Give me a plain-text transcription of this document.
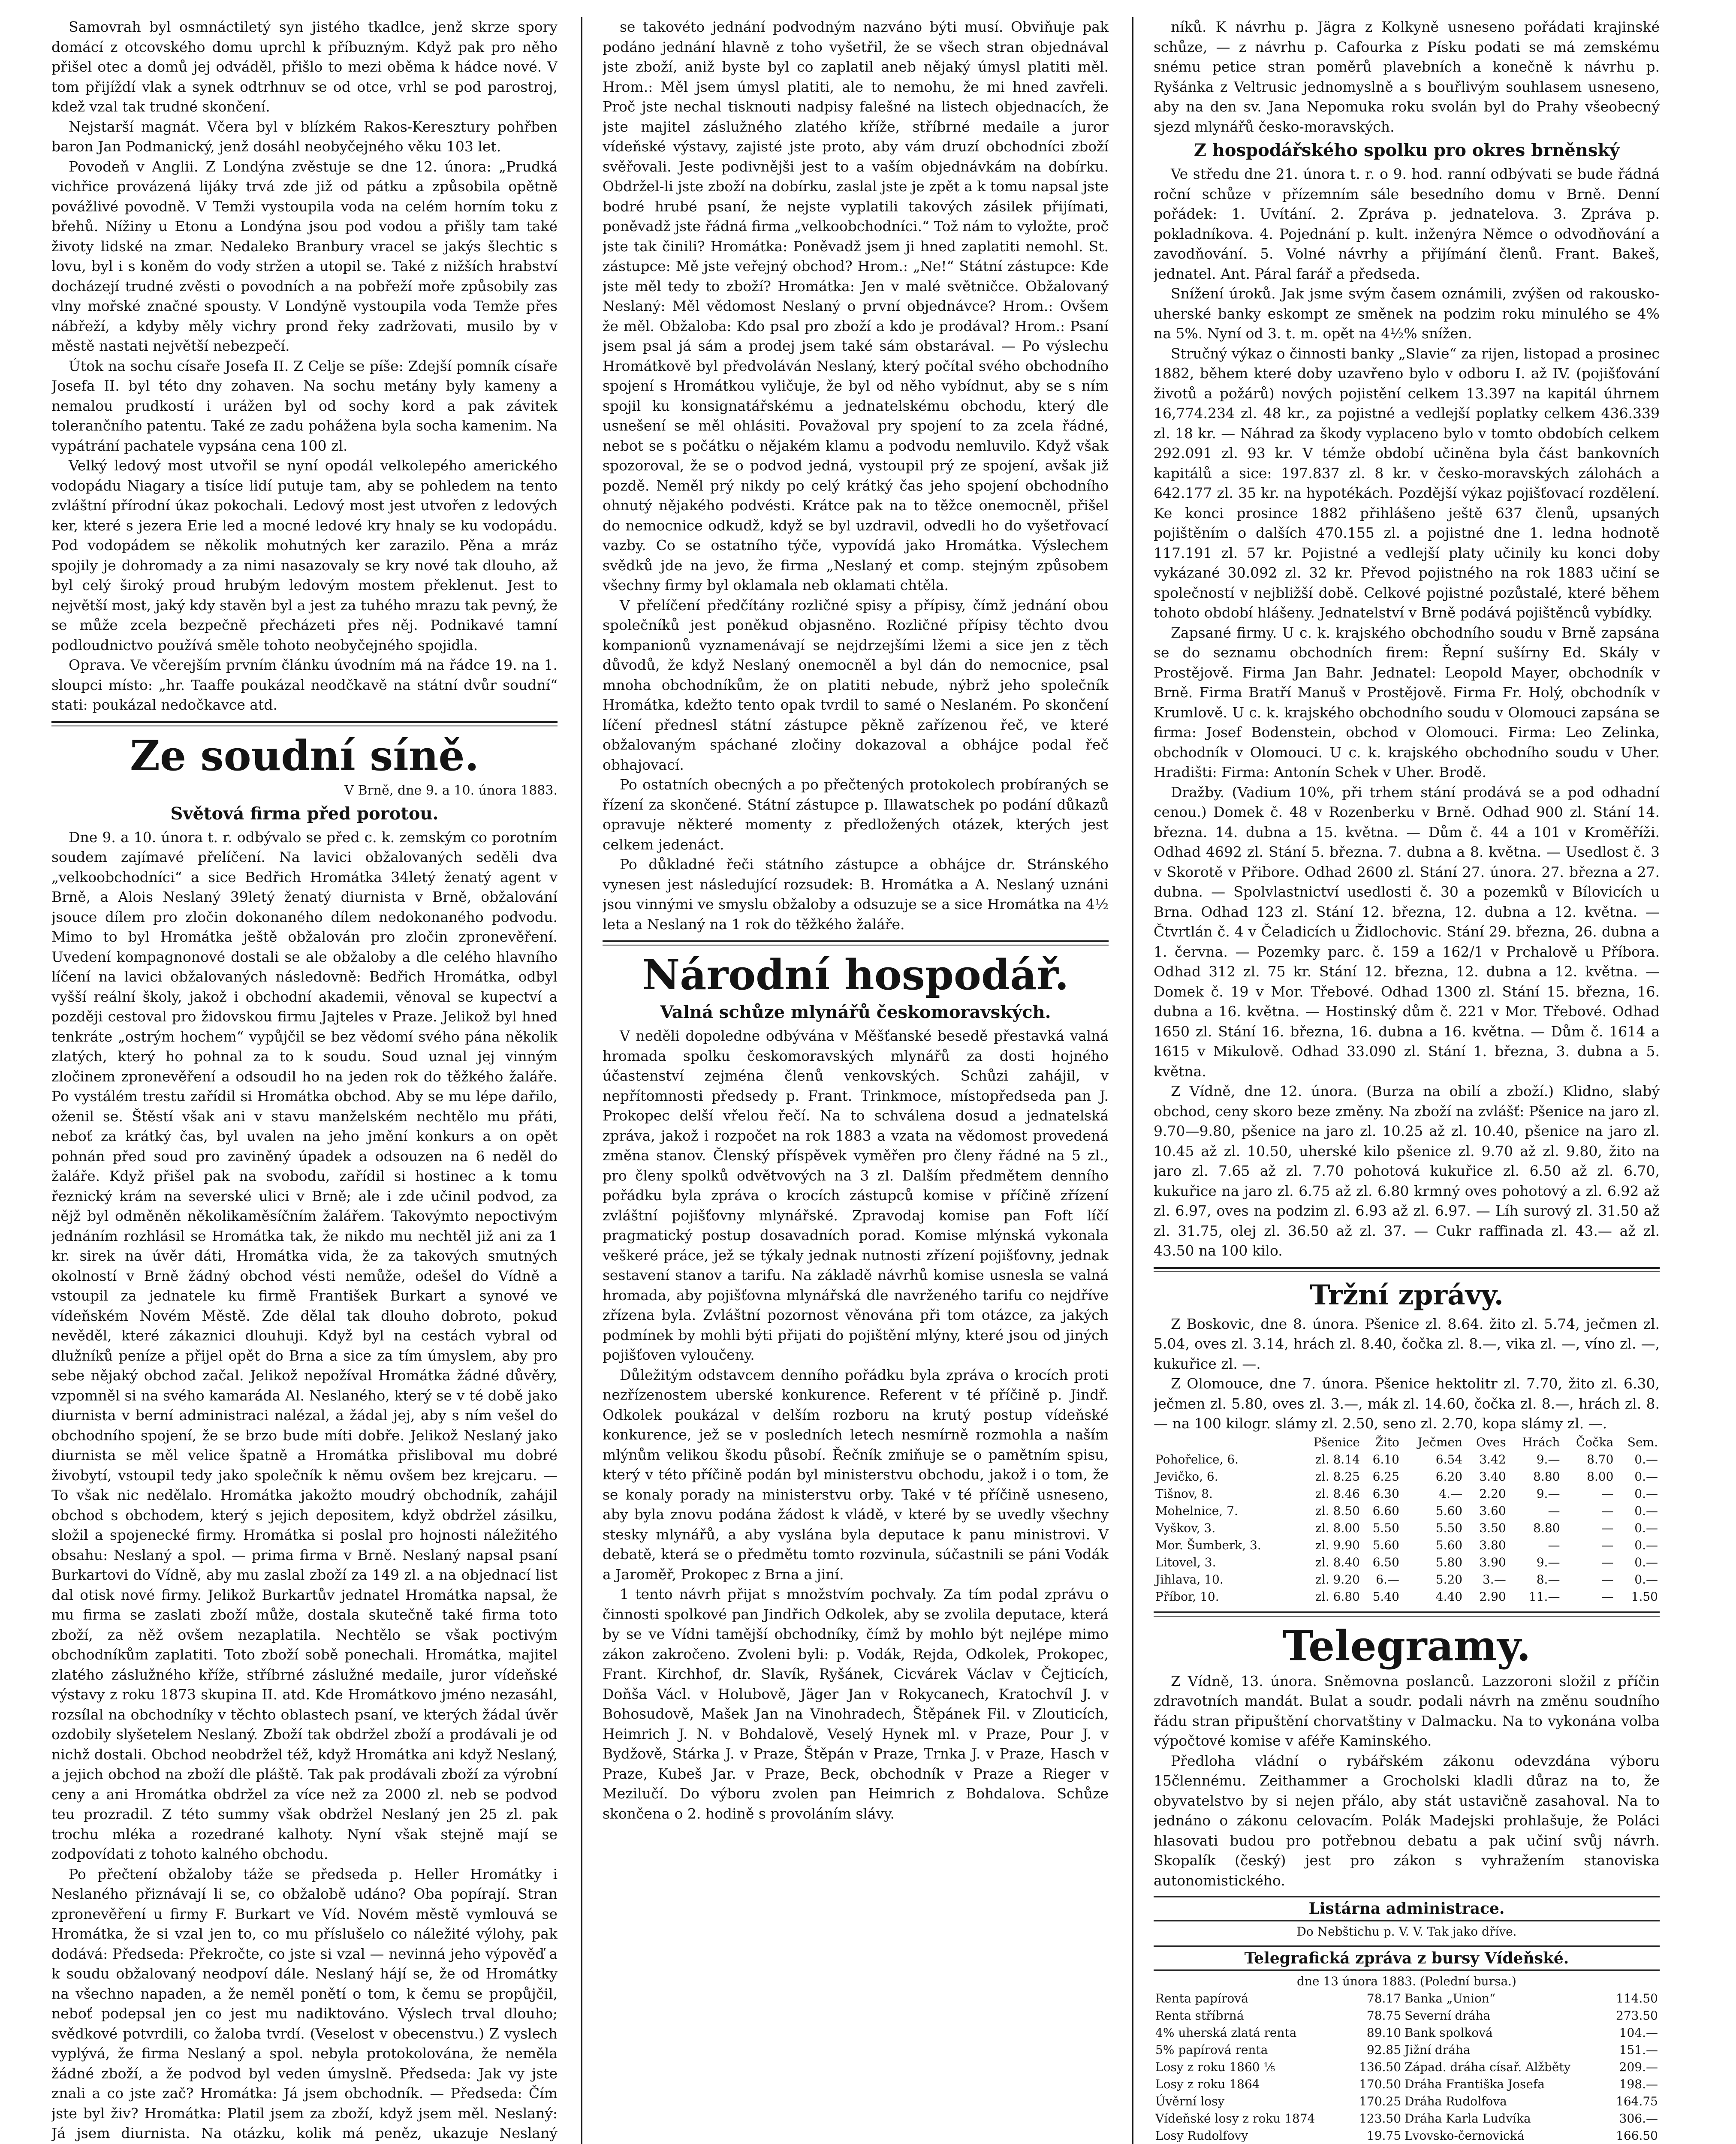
Samovrah byl osmnáctiletý syn jistého tkadlce, jenž skrze spory domácí z otcovského domu uprchl k příbuzným. Když pak pro něho přišel otec a domů jej odváděl, přišlo to mezi oběma k hádce nové. V tom přijíždí vlak a synek odtrhnuv se od otce, vrhl se pod parostroj, kdež vzal tak trudné skončení.

Nejstarší magnát. Včera byl v blízkém Rakos-Keresztury pohřben baron Jan Podmanický, jenž dosáhl neobyčejného věku 103 let.

Povodeň v Anglii. Z Londýna zvěstuje se dne 12. února: „Prudká vichřice provázená lijáky trvá zde již od pátku a způsobila opětně povážlivé povodně. V Temži vystoupila voda na celém horním toku z břehů. Nížiny u Etonu a Londýna jsou pod vodou a přišly tam také životy lidské na zmar. Nedaleko Branbury vracel se jakýs šlechtic s lovu, byl i s koněm do vody stržen a utopil se. Také z nižších hrabství docházejí trudné zvěsti o povodních a na pobřeží moře způsobily zas vlny mořské značné spousty. V Londýně vystoupila voda Temže přes nábřeží, a kdyby měly vichry prond řeky zadržovati, musilo by v městě nastati největší nebezpečí.

Útok na sochu císaře Josefa II. Z Celje se píše: Zdejší pomník císaře Josefa II. byl této dny zohaven. Na sochu metány byly kameny a nemalou prudkostí i urážen byl od sochy kord a pak závitek tolerančního patentu. Také ze zadu pohážena byla socha kamenim. Na vypátrání pachatele vypsána cena 100 zl.

Velký ledový most utvořil se nyní opodál velkolepého amerického vodopádu Niagary a tisíce lidí putuje tam, aby se pohledem na tento zvláštní přírodní úkaz pokochali. Ledový most jest utvořen z ledových ker, které s jezera Erie led a mocné ledové kry hnaly se ku vodopádu. Pod vodopádem se několik mohutných ker zarazilo. Pěna a mráz spojily je dohromady a za nimi nasazovaly se kry nové tak dlouho, až byl celý široký proud hrubým ledovým mostem překlenut. Jest to největší most, jaký kdy stavěn byl a jest za tuhého mrazu tak pevný, že se může zcela bezpečně přecházeti přes něj. Podnikavé tamní podloudnictvo používá směle tohoto neobyčejného spojidla.

Oprava. Ve včerejším prvním článku úvodním má na řádce 19. na 1. sloupci místo: „hr. Taaffe poukázal neodčkavě na státní dvůr soudní“ stati: poukázal nedočkavce atd.

Ze soudní síně.
V Brně, dne 9. a 10. února 1883.
Světová firma před porotou.

Dne 9. a 10. února t. r. odbývalo se před c. k. zemským co porotním soudem zajímavé přelíčení. Na lavici obžalovaných seděli dva „velkoobchodníci“ a sice Bedřich Hromátka 34letý ženatý agent v Brně, a Alois Neslaný 39letý ženatý diurnista v Brně, obžalování jsouce dílem pro zločin dokonaného dílem nedokonaného podvodu. Mimo to byl Hromátka ještě obžalován pro zločin zpronevěření. Uvedení kompagnonové dostali se ale obžaloby a dle celého hlavního líčení na lavici obžalovaných následovně: Bedřich Hromátka, odbyl vyšší reální školy, jakož i obchodní akademii, věnoval se kupectví a později cestoval pro židovskou firmu Jajteles v Praze. Jelikož byl hned tenkráte „ostrým hochem“ vypůjčil se bez vědomí svého pána několik zlatých, který ho pohnal za to k soudu. Soud uznal jej vinným zločinem zpronevěření a odsoudil ho na jeden rok do těžkého žaláře. Po vystálém trestu zařídil si Hromátka obchod. Aby se mu lépe dařilo, oženil se. Štěstí však ani v stavu manželském nechtělo mu přáti, neboť za krátký čas, byl uvalen na jeho jmění konkurs a on opět pohnán před soud pro zaviněný úpadek a odsouzen na 6 neděl do žaláře. Když přišel pak na svobodu, zařídil si hostinec a k tomu řeznický krám na severské ulici v Brně; ale i zde učinil podvod, za nějž byl odměněn několikaměsíčním žalářem. Takovýmto nepoctivým jednáním rozhlásil se Hromátka tak, že nikdo mu nechtěl již ani za 1 kr. sirek na úvěr dáti, Hromátka vida, že za takových smutných okolností v Brně žádný obchod vésti nemůže, odešel do Vídně a vstoupil za jednatele ku firmě František Burkart a synové ve vídeňském Novém Městě. Zde dělal tak dlouho dobroto, pokud nevěděl, které zákaznici dlouhuji. Když byl na cestách vybral od dlužníků peníze a přijel opět do Brna a sice za tím úmyslem, aby pro sebe nějaký obchod začal. Jelikož nepožíval Hromátka žádné důvěry, vzpomněl si na svého kamaráda Al. Neslaného, který se v té době jako diurnista v berní administraci nalézal, a žádal jej, aby s ním vešel do obchodního spojení, že se brzo bude míti dobře. Jelikož Neslaný jako diurnista se měl velice špatně a Hromátka přisliboval mu dobré živobytí, vstoupil tedy jako společník k němu ovšem bez krejcaru. — To však nic nedělalo. Hromátka jakožto moudrý obchodník, zahájil obchod s obchodem, který s jejich depositem, když obdržel zásilku, složil a spojenecké firmy. Hromátka si poslal pro hojnosti náležitého obsahu: Neslaný a spol. — prima firma v Brně. Neslaný napsal psaní Burkartovi do Vídně, aby mu zaslal zboží za 149 zl. a na objednací list dal otisk nové firmy. Jelikož Burkartův jednatel Hromátka napsal, že mu firma se zaslati zboží může, dostala skutečně také firma toto zboží, za něž ovšem nezaplatila. Nechtělo se však poctivým obchodníkům zaplatiti. Toto zboží sobě ponechali. Hromátka, majitel zlatého záslužného kříže, stříbrné záslužné medaile, juror vídeňské výstavy z roku 1873 skupina II. atd. Kde Hromátkovo jméno nezasáhl, rozsílal na obchodníky v těchto oblastech psaní, ve kterých žádal úvěr ozdobily slyšetelem Neslaný. Zboží tak obdržel zboží a prodávali je od nichž dostali. Obchod neobdržel též, když Hromátka ani když Neslaný, a jejich obchod na zboží dle pláště. Tak pak prodávali zboží za výrobní ceny a ani Hromátka obdržel za více než za 2000 zl. neb se podvod teu prozradil. Z této summy však obdržel Neslaný jen 25 zl. pak trochu mléka a rozedrané kalhoty. Nyní však stejně mají se zodpovídati z tohoto kalného obchodu.

Po přečtení obžaloby táže se předseda p. Heller Hromátky i Neslaného přiznávají li se, co obžalobě udáno? Oba popírají. Stran zpronevěření u firmy F. Burkart ve Víd. Novém městě vymlouvá se Hromátka, že si vzal jen to, co mu příslušelo co náležité výlohy, pak dodává: Předseda: Překročte, co jste si vzal — nevinná jeho výpověď a k soudu obžalovaný neodpoví dále. Neslaný hájí se, že od Hromátky na všechno napaden, a že neměl ponětí o tom, k čemu se propůjčil, neboť podepsal jen co jest mu nadiktováno. Výslech trval dlouho; svědkové potvrdili, co žaloba tvrdí. (Veselost v obecenstvu.) Z vyslech vyplývá, že firma Neslaný a spol. nebyla protokolována, že neměla žádné zboží, a že podvod byl veden úmyslně. Předseda: Jak vy jste znali a co jste zač? Hromátka: Já jsem obchodník. — Předseda: Čím jste byl živ? Hromátka: Platil jsem za zboží, když jsem měl. Neslaný: Já jsem diurnista. Na otázku, kolik má peněz, ukazuje Neslaný

se takovéto jednání podvodným nazváno býti musí. Obviňuje pak podáno jednání hlavně z toho vyšetřil, že se všech stran objednával jste zboží, aniž byste byl co zaplatil aneb nějaký úmysl platiti měl. Hrom.: Měl jsem úmysl platiti, ale to nemohu, že mi hned zavřeli. Proč jste nechal tisknouti nadpisy falešné na listech objednacích, že jste majitel záslužného zlatého kříže, stříbrné medaile a juror vídeňské výstavy, zajisté jste proto, aby vám druzí obchodníci zboží svěřovali. Jeste podivnějši jest to a vaším objednávkám na dobírku. Obdržel-li jste zboží na dobírku, zaslal jste je zpět a k tomu napsal jste bodré hrubé psaní, že nejste vyplatili takových zásilek přijímati, poněvadž jste řádná firma „velkoobchodníci.“ Tož nám to vyložte, proč jste tak činili? Hromátka: Poněvadž jsem ji hned zaplatiti nemohl. St. zástupce: Mě jste veřejný obchod? Hrom.: „Ne!“ Státní zástupce: Kde jste měl tedy to zboží? Hromátka: Jen v malé světničce. Obžalovaný Neslaný: Měl vědomost Neslaný o první objednávce? Hrom.: Ovšem že měl. Obžaloba: Kdo psal pro zboží a kdo je prodával? Hrom.: Psaní jsem psal já sám a prodej jsem také sám obstarával. — Po výslechu Hromátkově byl předvoláván Neslaný, který počítal svého obchodního spojení s Hromátkou vyličuje, že byl od něho vybídnut, aby se s ním spojil ku konsignatářskému a jednatelskému obchodu, který dle usnešení se měl ohlásiti. Považoval pry spojení to za zcela řádné, nebot se s počátku o nějakém klamu a podvodu nemluvilo. Když však spozoroval, že se o podvod jedná, vystoupil prý ze spojení, avšak již pozdě. Neměl prý nikdy po celý krátký čas jeho spojení obchodního ohnutý nějakého podvésti. Krátce pak na to těžce onemocněl, přišel do nemocnice odkudž, když se byl uzdravil, odvedli ho do vyšetřovací vazby. Co se ostatního týče, vypovídá jako Hromátka. Výslechem svědků jde na jevo, že firma „Neslaný et comp. stejným způsobem všechny firmy byl oklamala neb oklamati chtěla.

V přelíčení předčítány rozličné spisy a přípisy, čímž jednání obou společníků jest poněkud objasněno. Rozličné přípisy těchto dvou kompanionů vyznamenávají se nejdrzejšími lžemi a sice jen z těch důvodů, že když Neslaný onemocněl a byl dán do nemocnice, psal mnoha obchodníkům, že on platiti nebude, nýbrž jeho společník Hromátka, kdežto tento opak tvrdil to samé o Neslaném. Po skončení líčení přednesl státní zástupce pěkně zařízenou řeč, ve které obžalovaným spáchané zločiny dokazoval a obhájce podal řeč obhajovací.

Po ostatních obecných a po přečtených protokolech probíraných se řízení za skončené. Státní zástupce p. Illawatschek po podání důkazů opravuje některé momenty z předložených otázek, kterých jest celkem jedenáct.

Po důkladné řeči státního zástupce a obhájce dr. Stránského vynesen jest následující rozsudek: B. Hromátka a A. Neslaný uznáni jsou vinnými ve smyslu obžaloby a odsuzuje se a sice Hromátka na 4½ leta a Neslaný na 1 rok do těžkého žaláře.

Národní hospodář.
Valná schůze mlynářů českomoravských.

V neděli dopoledne odbývána v Měšťanské besedě přestavká valná hromada spolku českomoravských mlynářů za dosti hojného účastenství zejména členů venkovských. Schůzi zahájil, v nepřítomnosti předsedy p. Frant. Trinkmoce, místopředseda pan J. Prokopec delší vřelou řečí. Na to schválena dosud a jednatelská zpráva, jakož i rozpočet na rok 1883 a vzata na vědomost provedená změna stanov. Členský příspěvek vyměřen pro členy řádné na 5 zl., pro členy spolků odvětvových na 3 zl. Dalším předmětem denního pořádku byla zpráva o krocích zástupců komise v příčině zřízení zvláštní pojišťovny mlynářské. Zpravodaj komise pan Foft líčí pragmatický postup dosavadních porad. Komise mlýnská vykonala veškeré práce, jež se týkaly jednak nutnosti zřízení pojišťovny, jednak sestavení stanov a tarifu. Na základě návrhů komise usnesla se valná hromada, aby pojišťovna mlynářská dle navrženého tarifu co nejdříve zřízena byla. Zvláštní pozornost věnována při tom otázce, za jakých podmínek by mohli býti přijati do pojištění mlýny, které jsou od jiných pojišťoven vyloučeny.

Důležitým odstavcem denního pořádku byla zpráva o krocích proti nezřízenostem uberské konkurence. Referent v té příčině p. Jindř. Odkolek poukázal v delším rozboru na krutý postup vídeňské konkurence, jež se v posledních letech nesmírně rozmohla a naším mlýnům velikou škodu působí. Řečník zmiňuje se o pamětním spisu, který v této příčině podán byl ministerstvu obchodu, jakož i o tom, že se konaly porady na ministerstvu orby. Také v té příčině usneseno, aby byla znovu podána žádost k vládě, v které by se uvedly všechny stesky mlynářů, a aby vyslána byla deputace k panu ministrovi. V debatě, která se o předmětu tomto rozvinula, súčastnili se páni Vodák a Jaroměř, Prokopec z Brna a jiní.

1 tento návrh přijat s množstvím pochvaly. Za tím podal zprávu o činnosti spolkové pan Jindřich Odkolek, aby se zvolila deputace, která by se ve Vídni tamější obchodníky, čímž by mohlo být nejlépe mimo zákon zakročeno. Zvoleni byli: p. Vodák, Rejda, Odkolek, Prokopec, Frant. Kirchhof, dr. Slavík, Ryšánek, Cicvárek Václav v Čejticích, Doňša Václ. v Holubově, Jäger Jan v Rokycanech, Kratochvíl J. v Bohosudově, Mašek Jan na Vinohradech, Štěpánek Fil. v Zlouticích, Heimrich J. N. v Bohdalově, Veselý Hynek ml. v Praze, Pour J. v Bydžově, Stárka J. v Praze, Štěpán v Praze, Trnka J. v Praze, Hasch v Praze, Kubeš Jar. v Praze, Beck, obchodník v Praze a Rieger v Mezilučí. Do výboru zvolen pan Heimrich z Bohdalova. Schůze skončena o 2. hodině s provoláním slávy.

níků. K návrhu p. Jägra z Kolkyně usneseno pořádati krajinské schůze, — z návrhu p. Cafourka z Písku podati se má zemskému snému petice stran poměrů plavebních a konečně k návrhu p. Ryšánka z Veltrusic jednomyslně a s bouřlivým souhlasem usneseno, aby na den sv. Jana Nepomuka roku svolán byl do Prahy všeobecný sjezd mlynářů česko-moravských.

Z hospodářského spolku pro okres brněnský

Ve středu dne 21. února t. r. o 9. hod. ranní odbývati se bude řádná roční schůze v přízemním sále besedního domu v Brně. Denní pořádek: 1. Uvítání. 2. Zpráva p. jednatelova. 3. Zpráva p. pokladníkova. 4. Pojednání p. kult. inženýra Němce o odvodňování a zavodňování. 5. Volné návrhy a přijímání členů. Frant. Bakeš, jednatel. Ant. Páral farář a předseda.

Snížení úroků. Jak jsme svým časem oznámili, zvýšen od rakousko-uherské banky eskompt ze směnek na podzim roku minulého se 4% na 5%. Nyní od 3. t. m. opět na 4½% snížen.

Stručný výkaz o činnosti banky „Slavie“ za rijen, listopad a prosinec 1882, během které doby uzavřeno bylo v odboru I. až IV. (pojišťování životů a požárů) nových pojistění celkem 13.397 na kapitál úhrnem 16,774.234 zl. 48 kr., za pojistné a vedlejší poplatky celkem 436.339 zl. 18 kr. — Náhrad za škody vyplaceno bylo v tomto obdobích celkem 292.091 zl. 93 kr. V témže období učiněna byla část bankovních kapitálů a sice: 197.837 zl. 8 kr. v česko-moravských zálohách a 642.177 zl. 35 kr. na hypotékách. Pozdější výkaz pojišťovací rozdělení. Ke konci prosince 1882 přihlášeno ještě 637 členů, upsaných pojištěním o dalších 470.155 zl. a pojistné dne 1. ledna hodnotě 117.191 zl. 57 kr. Pojistné a vedlejší platy učinily ku konci doby vykázané 30.092 zl. 32 kr. Převod pojistného na rok 1883 učiní se společností v nejbližší době. Celkové pojistné pozůstalé, které během tohoto období hlášeny. Jednatelství v Brně podává pojištěnců vybídky.

Zapsané firmy. U c. k. krajského obchodního soudu v Brně zapsána se do seznamu obchodních firem: Řepní sušírny Ed. Skály v Prostějově. Firma Jan Bahr. Jednatel: Leopold Mayer, obchodník v Brně. Firma Bratří Manuš v Prostějově. Firma Fr. Holý, obchodník v Krumlově. U c. k. krajského obchodního soudu v Olomouci zapsána se firma: Josef Bodenstein, obchod v Olomouci. Firma: Leo Zelinka, obchodník v Olomouci. U c. k. krajského obchodního soudu v Uher. Hradišti: Firma: Antonín Schek v Uher. Brodě.

Dražby. (Vadium 10%, při trhem stání prodává se a pod odhadní cenou.) Domek č. 48 v Rozenberku v Brně. Odhad 900 zl. Stání 14. března. 14. dubna a 15. května. — Dům č. 44 a 101 v Kroměříži. Odhad 4692 zl. Stání 5. března. 7. dubna a 8. května. — Usedlost č. 3 v Skorotě v Přibore. Odhad 2600 zl. Stání 27. února. 27. března a 27. dubna. — Spolvlastnictví usedlosti č. 30 a pozemků v Bílovicích u Brna. Odhad 123 zl. Stání 12. března, 12. dubna a 12. května. — Čtvrtlán č. 4 v Čeladicích u Židlochovic. Stání 29. března, 26. dubna a 1. června. — Pozemky parc. č. 159 a 162/1 v Prchalově u Příbora. Odhad 312 zl. 75 kr. Stání 12. března, 12. dubna a 12. května. — Domek č. 19 v Mor. Třebové. Odhad 1300 zl. Stání 15. března, 16. dubna a 16. května. — Hostinský dům č. 221 v Mor. Třebové. Odhad 1650 zl. Stání 16. března, 16. dubna a 16. května. — Dům č. 1614 a 1615 v Mikulově. Odhad 33.090 zl. Stání 1. března, 3. dubna a 5. května.

Z Vídně, dne 12. února. (Burza na obilí a zboží.) Klidno, slabý obchod, ceny skoro beze změny. Na zboží na zvlášť: Pšenice na jaro zl. 9.70—9.80, pšenice na jaro zl. 10.25 až zl. 10.40, pšenice na jaro zl. 10.45 až zl. 10.50, uherské kilo pšenice zl. 9.70 až zl. 9.80, žito na jaro zl. 7.65 až zl. 7.70 pohotová kukuřice zl. 6.50 až zl. 6.70, kukuřice na jaro zl. 6.75 až zl. 6.80 krmný oves pohotový a zl. 6.92 až zl. 6.97, oves na podzim zl. 6.93 až zl. 6.97. — Líh surový zl. 31.50 až zl. 31.75, olej zl. 36.50 až zl. 37. — Cukr raffinada zl. 43.— až zl. 43.50 na 100 kilo.

Tržní zprávy.

Z Boskovic, dne 8. února. Pšenice zl. 8.64. žito zl. 5.74, ječmen zl. 5.04, oves zl. 3.14, hrách zl. 8.40, čočka zl. 8.—, vika zl. —, víno zl. —, kukuřice zl. —.

Z Olomouce, dne 7. února. Pšenice hektolitr zl. 7.70, žito zl. 6.30, ječmen zl. 5.80, oves zl. 3.—, mák zl. 14.60, čočka zl. 8.—, hrách zl. 8.— na 100 kilogr. slámy zl. 2.50, seno zl. 2.70, kopa slámy zl. —.

	Pšenice	Žito	Ječmen	Oves	Hrách	Čočka	Sem.
Pohořelice, 6.	zl. 8.14	6.10	6.54	3.42	9.—	8.70	0.—
Jevičko, 6.	zl. 8.25	6.25	6.20	3.40	8.80	8.00	0.—
Tišnov, 8.	zl. 8.46	6.30	4.—	2.20	9.—	—	0.—
Mohelnice, 7.	zl. 8.50	6.60	5.60	3.60	—	—	0.—
Vyškov, 3.	zl. 8.00	5.50	5.50	3.50	8.80	—	0.—
Mor. Šumberk, 3.	zl. 9.90	5.60	5.60	3.80	—	—	0.—
Litovel, 3.	zl. 8.40	6.50	5.80	3.90	9.—	—	0.—
Jihlava, 10.	zl. 9.20	6.—	5.20	3.—	8.—	—	0.—
Příbor, 10.	zl. 6.80	5.40	4.40	2.90	11.—	—	1.50
Telegramy.

Z Vídně, 13. února. Sněmovna poslanců. Lazzoroni složil z příčin zdravotních mandát. Bulat a soudr. podali návrh na změnu soudního řádu stran připuštění chorvatštiny v Dalmacku. Na to vykonána volba výpočtové komise v aféře Kaminského.

Předloha vládní o rybářském zákonu odevzdána výboru 15člennému. Zeithammer a Grocholski kladli důraz na to, že obyvatelstvo by si nejen přálo, aby stát ustavičně zasahoval. Na to jednáno o zákonu celovacím. Polák Madejski prohlašuje, že Poláci hlasovati budou pro potřebnou debatu a pak učiní svůj návrh. Skopalík (český) jest pro zákon s vyhražením stanoviska autonomistického.

Listárna administrace.
Do Nebštichu p. V. V. Tak jako dříve.
Telegrafická zpráva z bursy Vídeňské.
dne 13 února 1883. (Polední bursa.)
Renta papírová	78.17	Banka „Union“	114.50
Renta stříbrná	78.75	Severní dráha	273.50
4% uherská zlatá renta	89.10	Bank spolková	104.—
5% papírová renta	92.85	Jižní dráha	151.—
Losy z roku 1860 ⅕	136.50	Západ. dráha císař. Alžběty	209.—
Losy z roku 1864	170.50	Dráha Františka Josefa	198.—
Úvěrní losy	170.25	Dráha Rudolfova	164.75
Vídeňské losy z roku 1874	123.50	Dráha Karla Ludvíka	306.—
Losy Rudolfovy	19.75	Lvovsko-černovická	166.50
